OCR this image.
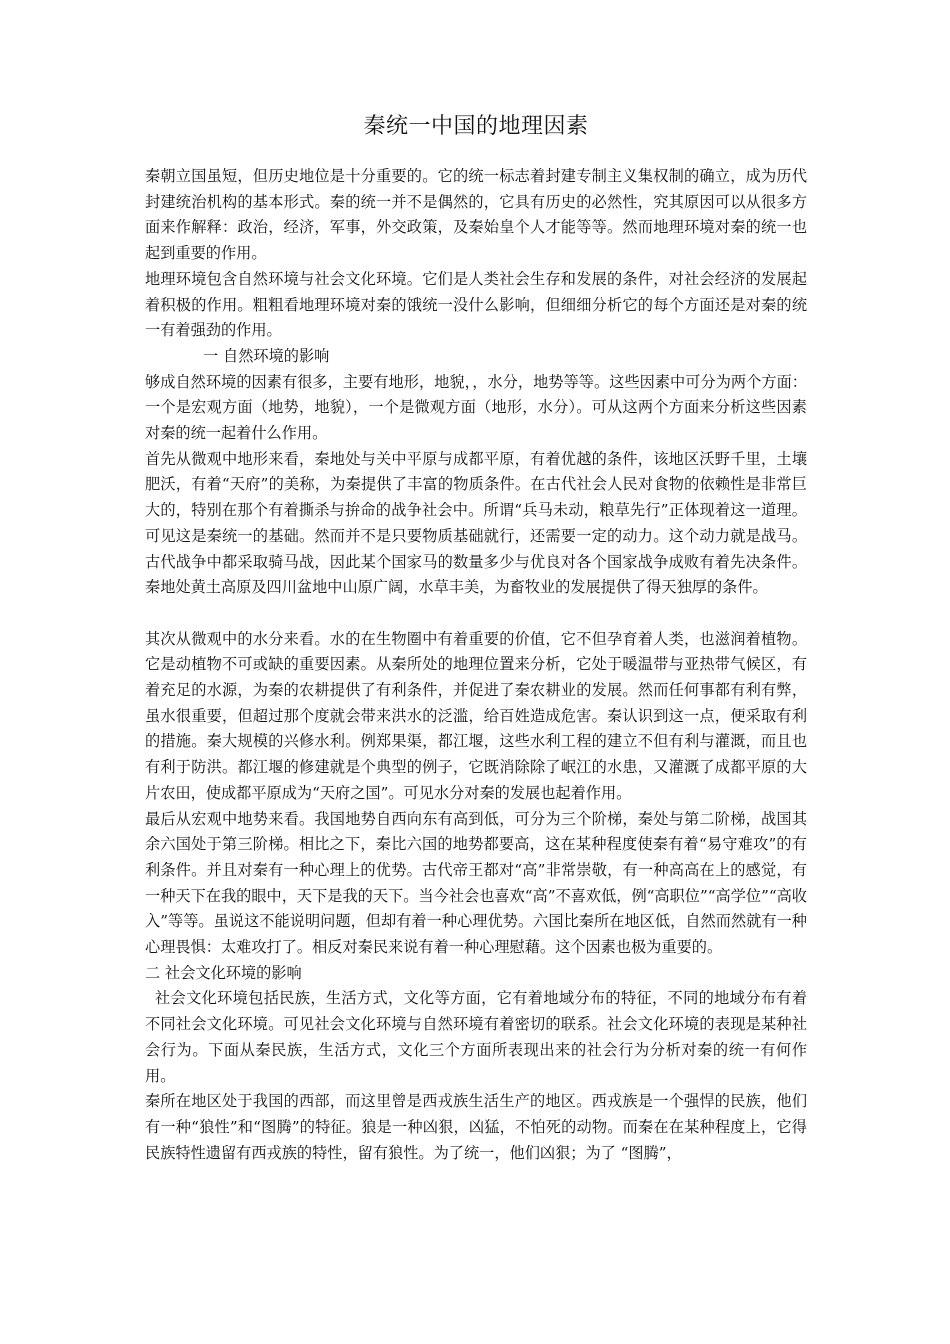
秦统一中国的地理因素

秦朝立国虽短，但历史地位是十分重要的。它的统一标志着封建专制主义集权制的确立，成为历代封建统治机构的基本形式。秦的统一并不是偶然的，它具有历史的必然性，究其原因可以从很多方面来作解释：政治，经济，军事，外交政策，及秦始皇个人才能等等。然而地理环境对秦的统一也起到重要的作用。

地理环境包含自然环境与社会文化环境。它们是人类社会生存和发展的条件，对社会经济的发展起着积极的作用。粗粗看地理环境对秦的饿统一没什么影响，但细细分析它的每个方面还是对秦的统一有着强劲的作用。

一 自然环境的影响

够成自然环境的因素有很多，主要有地形，地貌，，水分，地势等等。这些因素中可分为两个方面：一个是宏观方面（地势，地貌），一个是微观方面（地形，水分）。可从这两个方面来分析这些因素对秦的统一起着什么作用。

首先从微观中地形来看，秦地处与关中平原与成都平原，有着优越的条件，该地区沃野千里，土壤肥沃，有着“天府”的美称，为秦提供了丰富的物质条件。在古代社会人民对食物的依赖性是非常巨大的，特别在那个有着撕杀与拚命的战争社会中。所谓“兵马未动，粮草先行”正体现着这一道理。可见这是秦统一的基础。然而并不是只要物质基础就行，还需要一定的动力。这个动力就是战马。古代战争中都采取骑马战，因此某个国家马的数量多少与优良对各个国家战争成败有着先决条件。秦地处黄土高原及四川盆地中山原广阔，水草丰美，为畜牧业的发展提供了得天独厚的条件。

其次从微观中的水分来看。水的在生物圈中有着重要的价值，它不但孕育着人类，也滋润着植物。它是动植物不可或缺的重要因素。从秦所处的地理位置来分析，它处于暖温带与亚热带气候区，有着充足的水源，为秦的农耕提供了有利条件，并促进了秦农耕业的发展。然而任何事都有利有弊，虽水很重要，但超过那个度就会带来洪水的泛滥，给百姓造成危害。秦认识到这一点，便采取有利的措施。秦大规模的兴修水利。例郑果渠，都江堰，这些水利工程的建立不但有利与灌溉，而且也有利于防洪。都江堰的修建就是个典型的例子，它既消除除了岷江的水患，又灌溉了成都平原的大片农田，使成都平原成为“天府之国”。可见水分对秦的发展也起着作用。

最后从宏观中地势来看。我国地势自西向东有高到低，可分为三个阶梯，秦处与第二阶梯，战国其余六国处于第三阶梯。相比之下，秦比六国的地势都要高，这在某种程度使秦有着“易守难攻”的有利条件。并且对秦有一种心理上的优势。古代帝王都对“高”非常崇敬，有一种高高在上的感觉，有一种天下在我的眼中，天下是我的天下。当今社会也喜欢“高”不喜欢低，例“高职位”“高学位”“高收入”等等。虽说这不能说明问题，但却有着一种心理优势。六国比秦所在地区低，自然而然就有一种心理畏惧：太难攻打了。相反对秦民来说有着一种心理慰藉。这个因素也极为重要的。

二 社会文化环境的影响

社会文化环境包括民族，生活方式，文化等方面，它有着地域分布的特征，不同的地域分布有着不同社会文化环境。可见社会文化环境与自然环境有着密切的联系。社会文化环境的表现是某种社会行为。下面从秦民族，生活方式，文化三个方面所表现出来的社会行为分析对秦的统一有何作用。

秦所在地区处于我国的西部，而这里曾是西戎族生活生产的地区。西戎族是一个强悍的民族，他们有一种“狼性”和“图腾”的特征。狼是一种凶狠，凶猛，不怕死的动物。而秦在在某种程度上，它得民族特性遗留有西戎族的特性，留有狼性。为了统一，他们凶狠；为了 “图腾”，
